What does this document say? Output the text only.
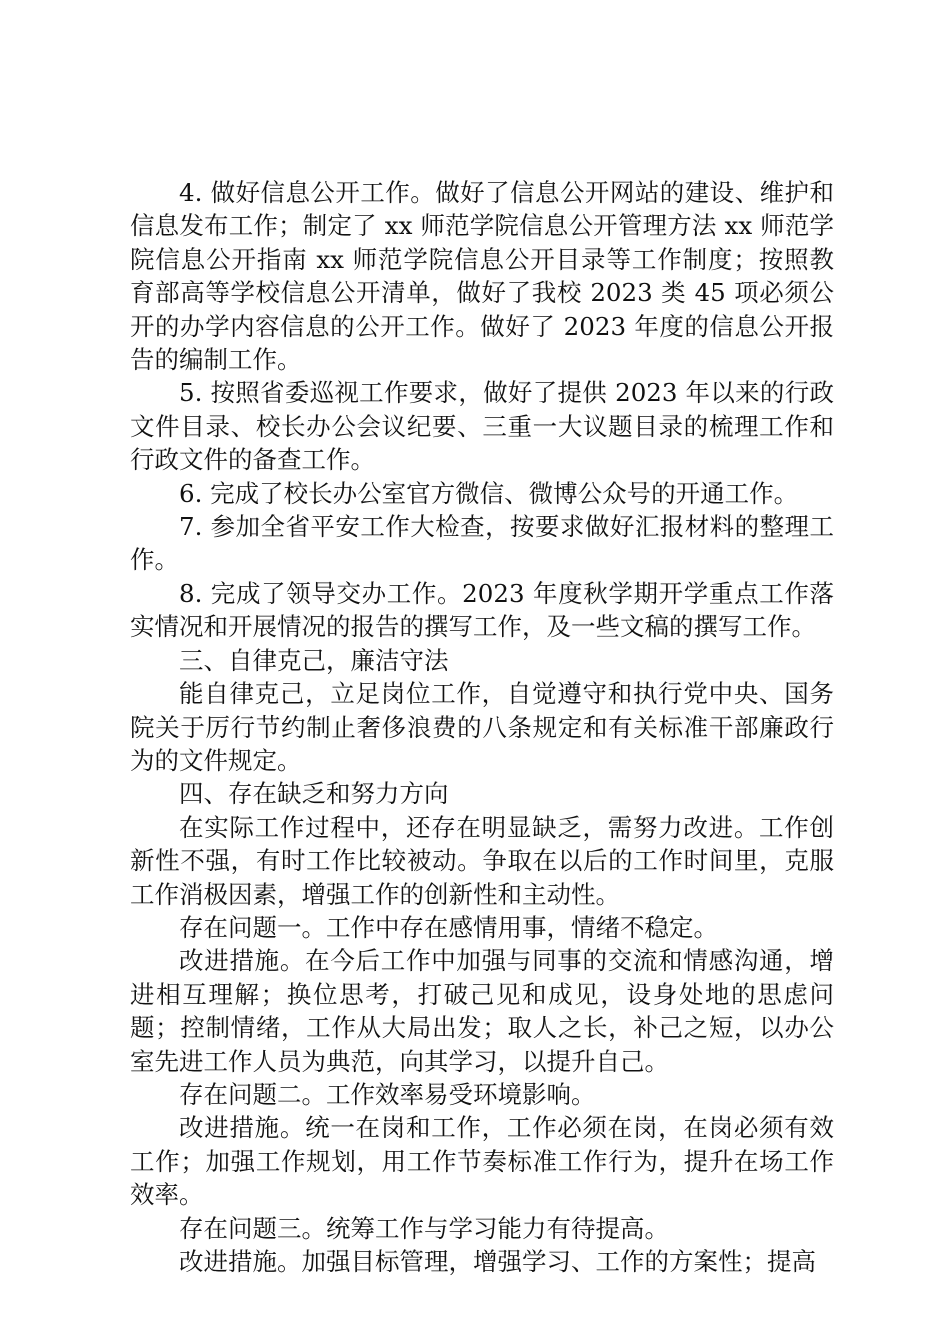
4. 做好信息公开工作。做好了信息公开网站的建设、维护和信息发布工作；制定了 xx 师范学院信息公开管理方法 xx 师范学院信息公开指南 xx 师范学院信息公开目录等工作制度；按照教育部高等学校信息公开清单，做好了我校 2023 类 45 项必须公开的办学内容信息的公开工作。做好了 2023 年度的信息公开报告的编制工作。

5. 按照省委巡视工作要求，做好了提供 2023 年以来的行政文件目录、校长办公会议纪要、三重一大议题目录的梳理工作和行政文件的备查工作。

6. 完成了校长办公室官方微信、微博公众号的开通工作。

7. 参加全省平安工作大检查，按要求做好汇报材料的整理工作。

8. 完成了领导交办工作。2023 年度秋学期开学重点工作落实情况和开展情况的报告的撰写工作，及一些文稿的撰写工作。

三、自律克己，廉洁守法

能自律克己，立足岗位工作，自觉遵守和执行党中央、国务院关于厉行节约制止奢侈浪费的八条规定和有关标准干部廉政行为的文件规定。

四、存在缺乏和努力方向

在实际工作过程中，还存在明显缺乏，需努力改进。工作创新性不强，有时工作比较被动。争取在以后的工作时间里，克服工作消极因素，增强工作的创新性和主动性。

存在问题一。工作中存在感情用事，情绪不稳定。

改进措施。在今后工作中加强与同事的交流和情感沟通，增进相互理解；换位思考，打破己见和成见，设身处地的思虑问题；控制情绪，工作从大局出发；取人之长，补己之短，以办公室先进工作人员为典范，向其学习，以提升自己。

存在问题二。工作效率易受环境影响。

改进措施。统一在岗和工作，工作必须在岗，在岗必须有效工作；加强工作规划，用工作节奏标准工作行为，提升在场工作效率。

存在问题三。统筹工作与学习能力有待提高。

改进措施。加强目标管理，增强学习、工作的方案性；提高
